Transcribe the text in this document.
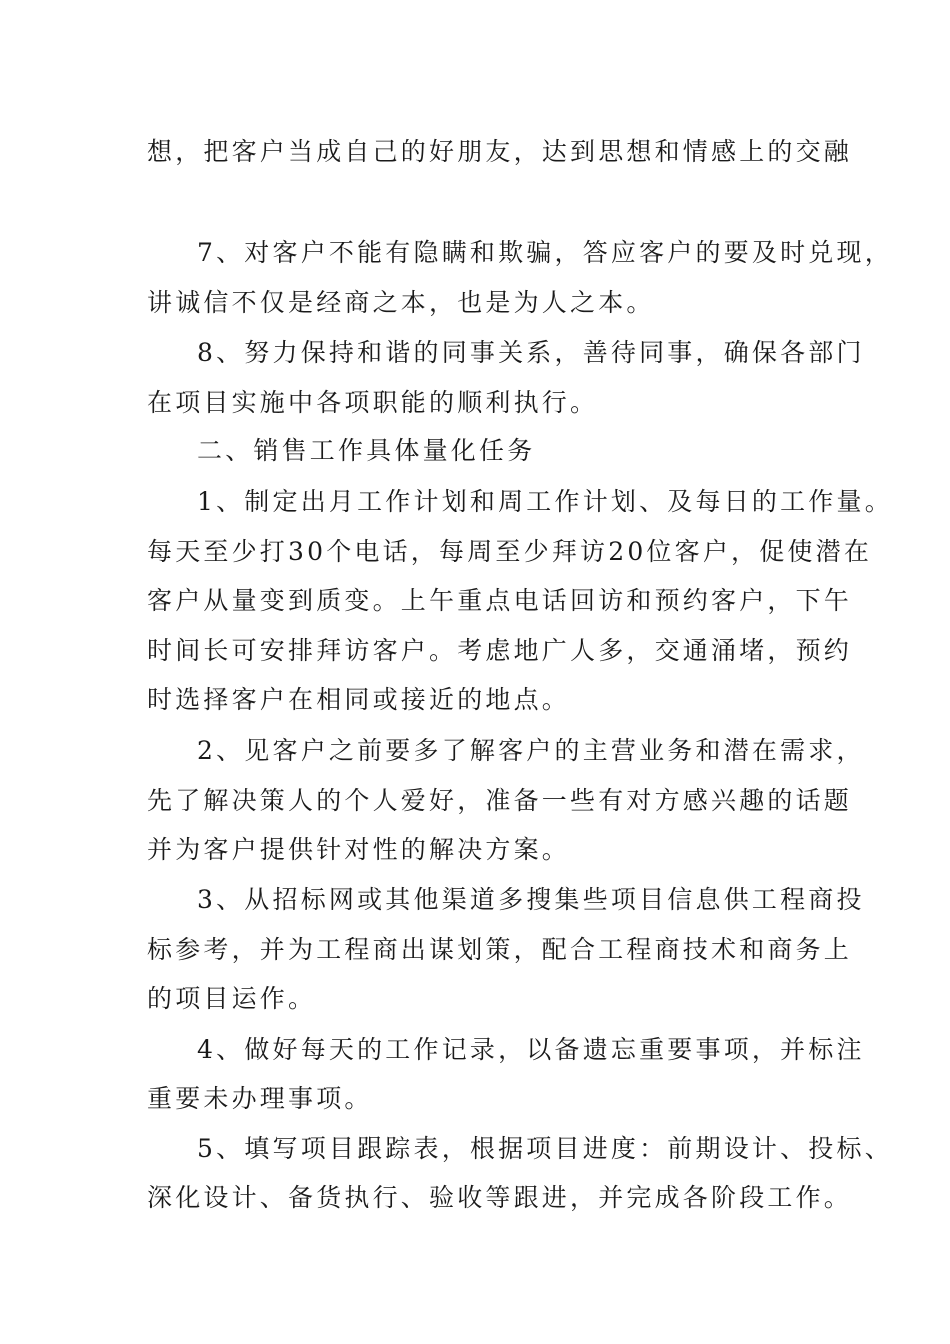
想，把客户当成自己的好朋友，达到思想和情感上的交融
7、对客户不能有隐瞒和欺骗，答应客户的要及时兑现，
讲诚信不仅是经商之本，也是为人之本。
8、努力保持和谐的同事关系，善待同事，确保各部门
在项目实施中各项职能的顺利执行。
二、销售工作具体量化任务
1、制定出月工作计划和周工作计划、及每日的工作量。
每天至少打30个电话，每周至少拜访20位客户，促使潜在
客户从量变到质变。上午重点电话回访和预约客户，下午
时间长可安排拜访客户。考虑地广人多，交通涌堵，预约
时选择客户在相同或接近的地点。
2、见客户之前要多了解客户的主营业务和潜在需求，
先了解决策人的个人爱好，准备一些有对方感兴趣的话题
并为客户提供针对性的解决方案。
3、从招标网或其他渠道多搜集些项目信息供工程商投
标参考，并为工程商出谋划策，配合工程商技术和商务上
的项目运作。
4、做好每天的工作记录，以备遗忘重要事项，并标注
重要未办理事项。
5、填写项目跟踪表，根据项目进度：前期设计、投标、
深化设计、备货执行、验收等跟进，并完成各阶段工作。
